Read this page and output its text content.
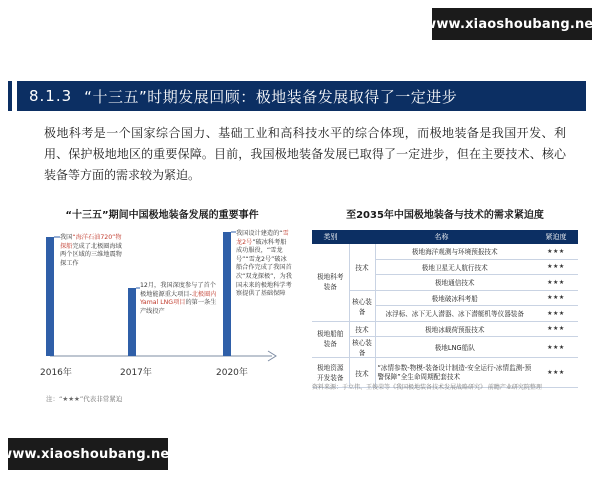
www.xiaoshoubang.net
8.1.3 “十三五”时期发展回顾：极地装备发展取得了一定进步
极地科考是一个国家综合国力、基础工业和高科技水平的综合体现，而极地装备是我国开发、利用、保护极地地区的重要保障。目前，我国极地装备发展已取得了一定进步，但在主要技术、核心装备等方面的需求较为紧迫。
“十三五”期间中国极地装备发展的重要事件
我国“海洋石油720”物探船完成了北极圈海域两个区域的三维地震物探工作
12月，我国深度参与了首个极地能源重大项目-北极圈内Yamal LNG项目的第一条生产线投产
我国设计建造的“雪龙2号”破冰科考船成功服役，“雪龙号”“雪龙2号”破冰船合作完成了我国首次“双龙探极”，为我国未来的极地科学考察提供了基础保障
2016年	2017年	2020年
注：“★★★”代表非常紧迫
至2035年中国极地装备与技术的需求紧迫度
类别	名称		紧迫度
极地科考装备	技术	极地海洋观测与环境预报技术	★★★
		极地卫星无人航行技术	★★★
		极地通信技术	★★★
	核心装备	极地破冰科考船	★★★
		冰浮标、冰下无人潜器、冰下潜艇机等仪器装备	★★★
极地船舶装备	技术	极地冰载荷预报技术	★★★
	核心装备	极地LNG船队	★★★
极地资源开发装备	技术	“冰情参数-物模-装备设计制造-安全运行-冰情监测-预警保障”全生命周期配套技术	★★★
资料来源：于立伟、王俊荣等《我国极地装备技术发展战略研究》 前瞻产业研究院整理
www.xiaoshoubang.net
